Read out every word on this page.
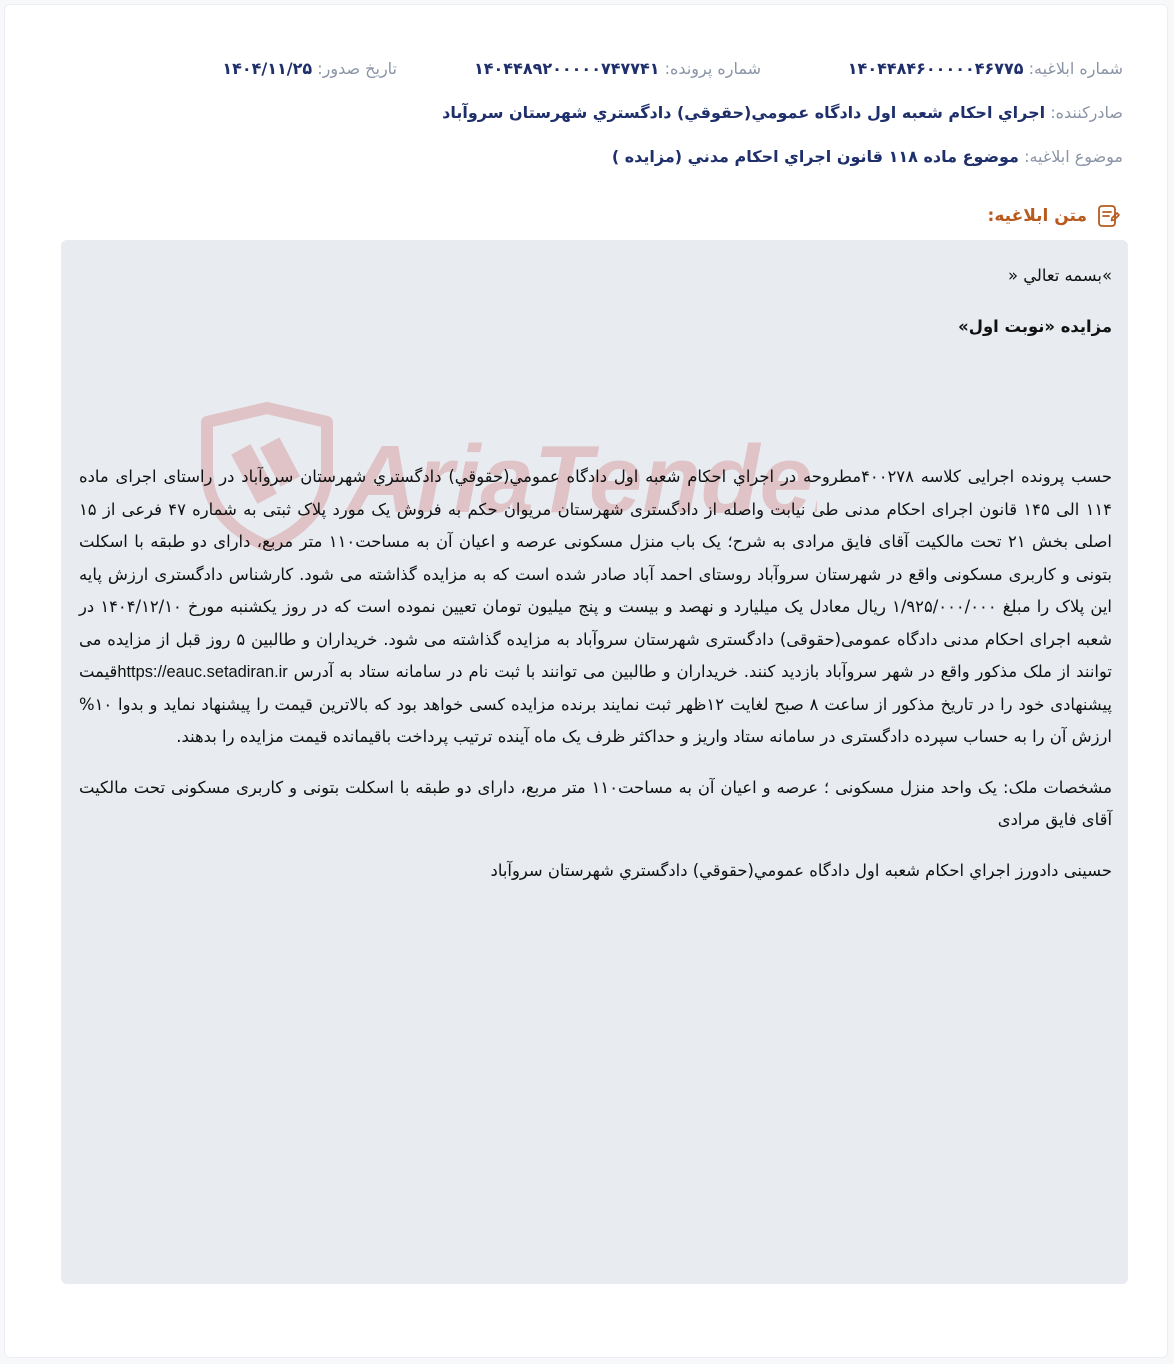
شماره ابلاغیه: ۱۴۰۴۴۸۴۶۰۰۰۰۰۴۶۷۷۵
شماره پرونده: ۱۴۰۴۴۸۹۲۰۰۰۰۰۷۴۷۷۴۱
تاریخ صدور: ۱۴۰۴/۱۱/۲۵
صادرکننده: اجراي احکام شعبه اول دادگاه عمومي(حقوقي) دادگستري شهرستان سروآباد
موضوع ابلاغیه: موضوع ماده ۱۱۸ قانون اجراي احکام مدني (مزايده )
متن ابلاغیه:
AriaTende

»بسمه تعالي «

مزایده «نوبت اول»

حسب پرونده اجرایی کلاسه ۴۰۰۲۷۸مطروحه در اجراي احکام شعبه اول دادگاه عمومي(حقوقي) دادگستري شهرستان سروآباد در راستای اجرای ماده ۱۱۴ الی ۱۴۵ قانون اجرای احکام مدنی طی نیابت واصله از دادگستری شهرستان مریوان حکم به فروش یک مورد پلاک ثبتی به شماره ۴۷ فرعی از ۱۵ اصلی بخش ۲۱ تحت مالکیت آقای فایق مرادی به شرح؛ یک باب منزل مسکونی عرصه و اعیان آن به مساحت۱۱۰ متر مربع، دارای دو طبقه با اسکلت بتونی و کاربری مسکونی واقع در شهرستان سروآباد روستای احمد آباد صادر شده است که به مزایده گذاشته می شود. کارشناس دادگستری ارزش پایه این پلاک را مبلغ ۱/۹۲۵/۰۰۰/۰۰۰ ریال معادل یک میلیارد و نهصد و بیست و پنج میلیون تومان تعیین نموده است که در روز یکشنبه مورخ ۱۴۰۴/۱۲/۱۰ در شعبه اجرای احکام مدنی دادگاه عمومی(حقوقی) دادگستری شهرستان سروآباد به مزایده گذاشته می شود. خریداران و طالبین ۵ روز قبل از مزایده می توانند از ملک مذکور واقع در شهر سروآباد بازدید کنند. خریداران و طالبین می توانند با ثبت نام در سامانه ستاد به آدرس https://eauc.setadiran.irقیمت پیشنهادی خود را در تاریخ مذکور از ساعت ۸ صبح لغایت ۱۲ظهر ثبت نمایند برنده مزایده کسی خواهد بود که بالاترین قیمت را پیشنهاد نماید و بدوا ۱۰% ارزش آن را به حساب سپرده دادگستری در سامانه ستاد واریز و حداکثر ظرف یک ماه آینده ترتیب پرداخت باقیمانده قیمت مزایده را بدهند.

مشخصات ملک: یک واحد منزل مسکونی ؛ عرصه و اعیان آن به مساحت۱۱۰ متر مربع، دارای دو طبقه با اسکلت بتونی و کاربری مسکونی تحت مالکیت آقای فایق مرادی

حسینی دادورز اجراي احکام شعبه اول دادگاه عمومي(حقوقي) دادگستري شهرستان سروآباد
